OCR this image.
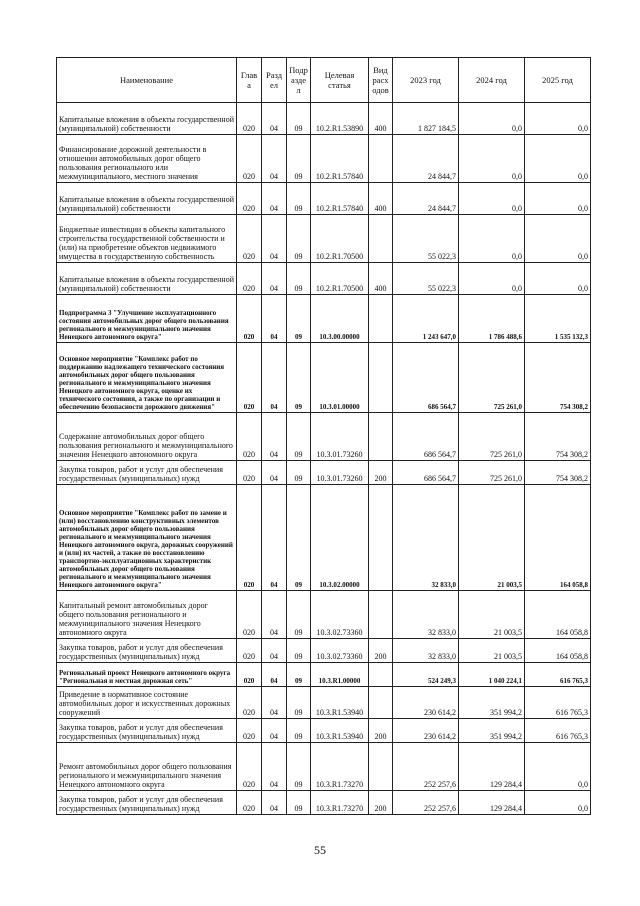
Наименование	Глав а	Разд ел	Подр азде л	Целевая статья	Вид расх одов	2023 год	2024 год	2025 год
Капитальные вложения в объекты государственной (муниципальной) собственности	020	04	09	10.2.R1.53890	400	1 827 184,5	0,0	0,0
Финансирование дорожной деятельности в отношении автомобильных дорог общего пользования регионального или межмуниципального, местного значения	020	04	09	10.2.R1.57840		24 844,7	0,0	0,0
Капитальные вложения в объекты государственной (муниципальной) собственности	020	04	09	10.2.R1.57840	400	24 844,7	0,0	0,0
Бюджетные инвестиции в объекты капитального строительства государственной собственности и (или) на приобретение объектов недвижимого имущества в государственную собственность	020	04	09	10.2.R1.70500		55 022,3	0,0	0,0
Капитальные вложения в объекты государственной (муниципальной) собственности	020	04	09	10.2.R1.70500	400	55 022,3	0,0	0,0
Подпрограмма 3 "Улучшение эксплуатационного состояния автомобильных дорог общего пользования регионального и межмуниципального значения Ненецкого автономного округа"	020	04	09	10.3.00.00000		1 243 647,0	1 786 488,6	1 535 132,3
Основное мероприятие "Комплекс работ по поддержанию надлежащего технического состояния автомобильных дорог общего пользования регионального и межмуниципального значения Ненецкого автономного округа, оценке их технического состояния, а также по организации и обеспечению безопасности дорожного движения"	020	04	09	10.3.01.00000		686 564,7	725 261,0	754 308,2
Содержание автомобильных дорог общего пользования регионального и межмуниципального значения Ненецкого автономного округа	020	04	09	10.3.01.73260		686 564,7	725 261,0	754 308,2
Закупка товаров, работ и услуг для обеспечения государственных (муниципальных) нужд	020	04	09	10.3.01.73260	200	686 564,7	725 261,0	754 308,2
Основное мероприятие "Комплекс работ по замене и (или) восстановлению конструктивных элементов автомобильных дорог общего пользования регионального и межмуниципального значения Ненецкого автономного округа, дорожных сооружений и (или) их частей, а также по восстановлению транспортно-эксплуатационных характеристик автомобильных дорог общего пользования регионального и межмуниципального значения Ненецкого автономного округа"	020	04	09	10.3.02.00000		32 833,0	21 003,5	164 058,8
Капитальный ремонт автомобильных дорог общего пользования регионального и межмуниципального значения Ненецкого автономного округа	020	04	09	10.3.02.73360		32 833,0	21 003,5	164 058,8
Закупка товаров, работ и услуг для обеспечения государственных (муниципальных) нужд	020	04	09	10.3.02.73360	200	32 833,0	21 003,5	164 058,8
Региональный проект Ненецкого автономного округа "Региональная и местная дорожная сеть"	020	04	09	10.3.R1.00000		524 249,3	1 040 224,1	616 765,3
Приведение в нормативное состояние автомобильных дорог и искусственных дорожных сооружений	020	04	09	10.3.R1.53940		230 614,2	351 994,2	616 765,3
Закупка товаров, работ и услуг для обеспечения государственных (муниципальных) нужд	020	04	09	10.3.R1.53940	200	230 614,2	351 994,2	616 765,3
Ремонт автомобильных дорог общего пользования регионального и межмуниципального значения Ненецкого автономного округа	020	04	09	10.3.R1.73270		252 257,6	129 284,4	0,0
Закупка товаров, работ и услуг для обеспечения государственных (муниципальных) нужд	020	04	09	10.3.R1.73270	200	252 257,6	129 284,4	0,0
55
